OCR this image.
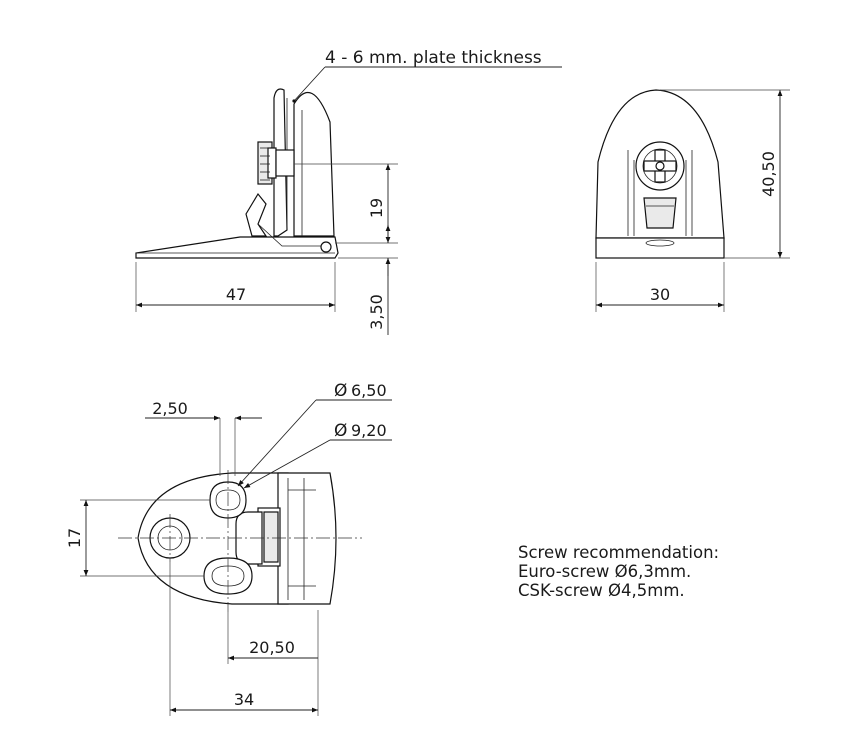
4 - 6 mm. plate thickness
19
47	3,50
40,50
30
2,50
17
20,50
34
Ø 6,50
Ø 9,20
Screw recommendation:
Euro-screw Ø6,3mm.
CSK-screw Ø4,5mm.
